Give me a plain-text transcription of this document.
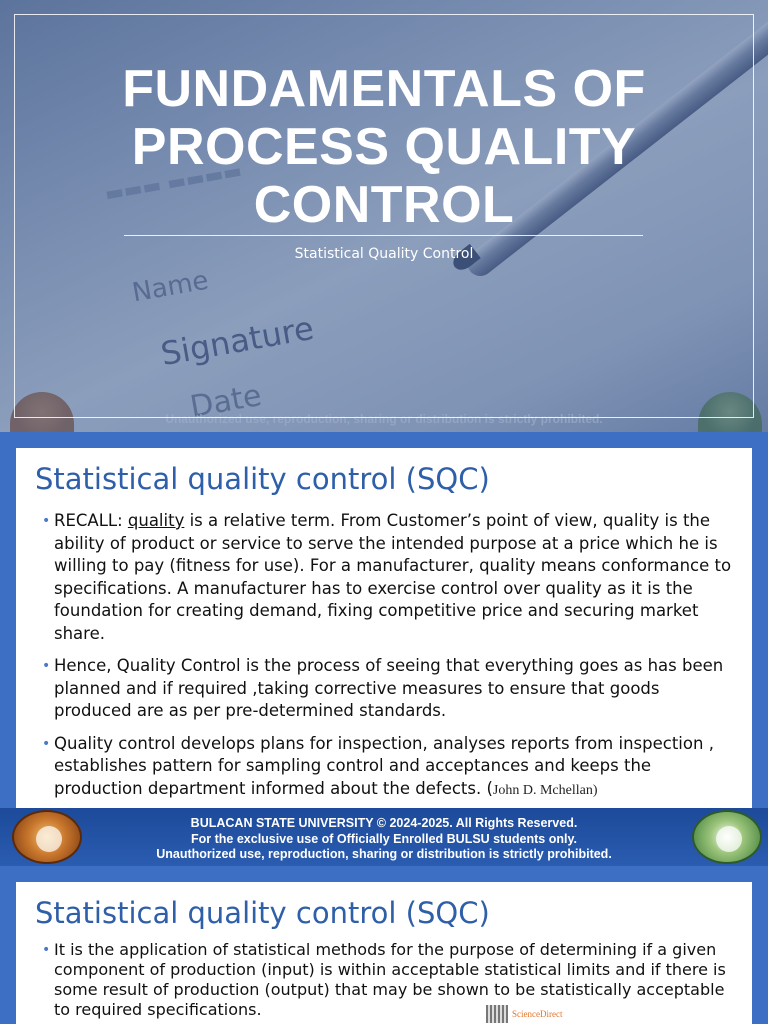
▬▬▬ ▬▬▬▬
Name
Signature
Date
Unauthorized use, reproduction, sharing or distribution is strictly prohibited.
FUNDAMENTALS OF
PROCESS QUALITY
CONTROL
Statistical Quality Control
Statistical quality control (SQC)
• RECALL: quality is a relative term. From Customer’s point of view, quality is the ability of product or service to serve the intended purpose at a price which he is willing to pay (fitness for use). For a manufacturer, quality means conformance to specifications. A manufacturer has to exercise control over quality as it is the foundation for creating demand, fixing competitive price and securing market share.
• Hence, Quality Control is the process of seeing that everything goes as has been planned and if required ,taking corrective measures to ensure that goods produced are as per pre-determined standards.
• Quality control develops plans for inspection, analyses reports from inspection , establishes pattern for sampling control and acceptances and keeps the production department informed about the defects. (John D. Mchellan)
BULACAN STATE UNIVERSITY © 2024-2025. All Rights Reserved.
For the exclusive use of Officially Enrolled BULSU students only.
Unauthorized use, reproduction, sharing or distribution is strictly prohibited.
Statistical quality control (SQC)
• It is the application of statistical methods for the purpose of determining if a given component of production (input) is within acceptable statistical limits and if there is some result of production (output) that may be shown to be statistically acceptable to required specifications.	ScienceDirect
